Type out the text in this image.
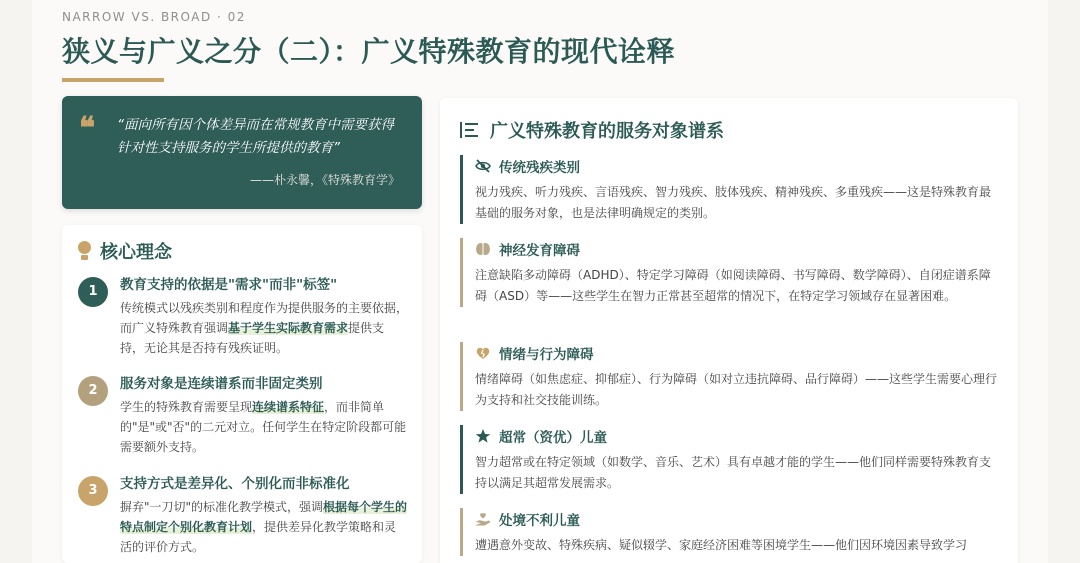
NARROW VS. BROAD · 02
狭义与广义之分（二）：广义特殊教育的现代诠释
❝ “面向所有因个体差异而在常规教育中需要获得针对性支持服务的学生所提供的教育”
——朴永馨，《特殊教育学》
核心理念
1	教育支持的依据是"需求"而非"标签"
传统模式以残疾类别和程度作为提供服务的主要依据，而广义特殊教育强调基于学生实际教育需求提供支持，无论其是否持有残疾证明。
2	服务对象是连续谱系而非固定类别
学生的特殊教育需要呈现连续谱系特征，而非简单的"是"或"否"的二元对立。任何学生在特定阶段都可能需要额外支持。
3	支持方式是差异化、个别化而非标准化
摒弃"一刀切"的标准化教学模式，强调根据每个学生的特点制定个别化教育计划，提供差异化教学策略和灵活的评价方式。
广义特殊教育的服务对象谱系
传统残疾类别
视力残疾、听力残疾、言语残疾、智力残疾、肢体残疾、精神残疾、多重残疾——这是特殊教育最基础的服务对象，也是法律明确规定的类别。
神经发育障碍
注意缺陷多动障碍（ADHD）、特定学习障碍（如阅读障碍、书写障碍、数学障碍）、自闭症谱系障碍（ASD）等——这些学生在智力正常甚至超常的情况下，在特定学习领域存在显著困难。
情绪与行为障碍
情绪障碍（如焦虑症、抑郁症）、行为障碍（如对立违抗障碍、品行障碍）——这些学生需要心理行为支持和社交技能训练。
超常（资优）儿童
智力超常或在特定领域（如数学、音乐、艺术）具有卓越才能的学生——他们同样需要特殊教育支持以满足其超常发展需求。
处境不利儿童
遭遇意外变故、特殊疾病、疑似辍学、家庭经济困难等困境学生——他们因环境因素导致学习
